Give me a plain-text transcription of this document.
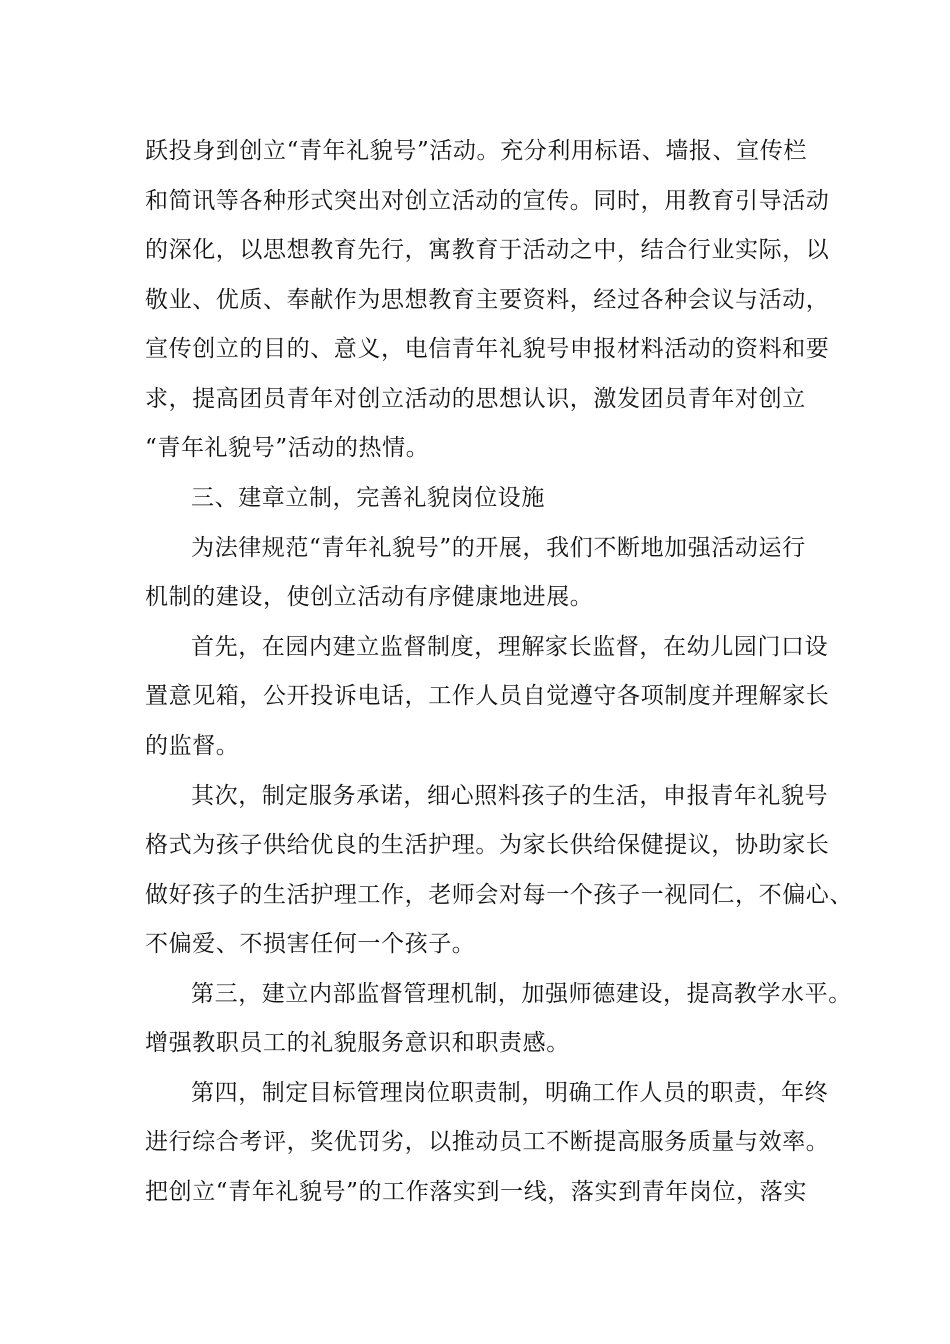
跃投身到创立“青年礼貌号”活动。充分利用标语、墙报、宣传栏
和简讯等各种形式突出对创立活动的宣传。同时，用教育引导活动
的深化，以思想教育先行，寓教育于活动之中，结合行业实际，以
敬业、优质、奉献作为思想教育主要资料，经过各种会议与活动，
宣传创立的目的、意义，电信青年礼貌号申报材料活动的资料和要
求，提高团员青年对创立活动的思想认识，激发团员青年对创立
“青年礼貌号”活动的热情。
三、建章立制，完善礼貌岗位设施
为法律规范“青年礼貌号”的开展，我们不断地加强活动运行
机制的建设，使创立活动有序健康地进展。
首先，在园内建立监督制度，理解家长监督，在幼儿园门口设
置意见箱，公开投诉电话，工作人员自觉遵守各项制度并理解家长
的监督。
其次，制定服务承诺，细心照料孩子的生活，申报青年礼貌号
格式为孩子供给优良的生活护理。为家长供给保健提议，协助家长
做好孩子的生活护理工作，老师会对每一个孩子一视同仁，不偏心、
不偏爱、不损害任何一个孩子。
第三，建立内部监督管理机制，加强师德建设，提高教学水平。
增强教职员工的礼貌服务意识和职责感。
第四，制定目标管理岗位职责制，明确工作人员的职责，年终
进行综合考评，奖优罚劣，以推动员工不断提高服务质量与效率。
把创立“青年礼貌号”的工作落实到一线，落实到青年岗位，落实
